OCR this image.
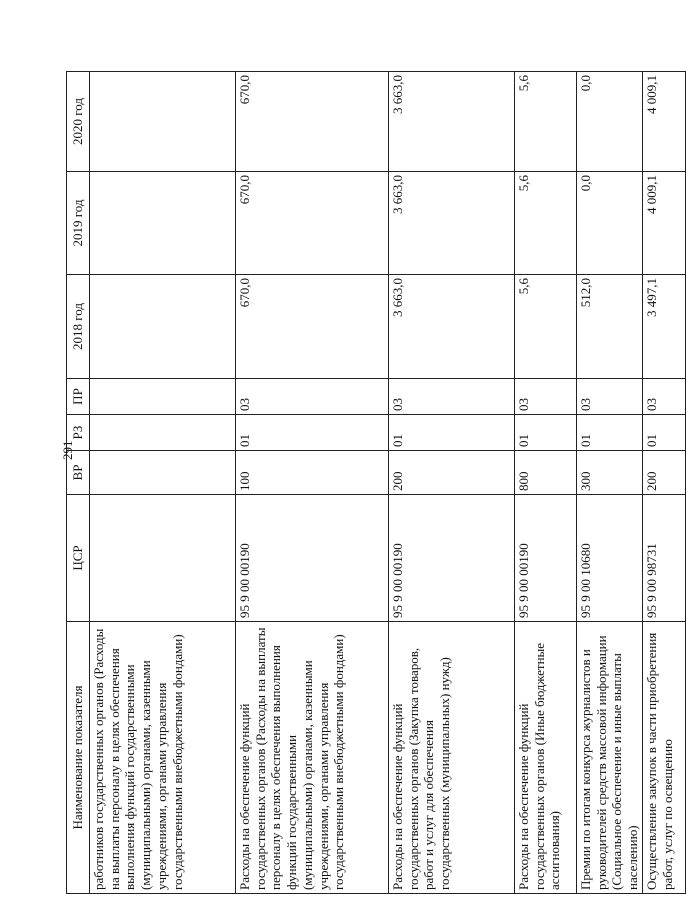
291
Наименование показателя	ЦСР	ВР	РЗ	ПР	2018 год	2019 год	2020 год
работников государственных органов (Расходы на выплаты персоналу в целях обеспечения выполнения функций государственными (муниципальными) органами, казенными учреждениями, органами управления государственными внебюджетными фондами)							
Расходы на обеспечение функций государственных органов (Расходы на выплаты персоналу в целях обеспечения выполнения функций государственными (муниципальными) органами, казенными учреждениями, органами управления государственными внебюджетными фондами)	95 9 00 00190	100	01	03	670,0	670,0	670,0
Расходы на обеспечение функций государственных органов (Закупка товаров, работ и услуг для обеспечения государственных (муниципальных) нужд)	95 9 00 00190	200	01	03	3 663,0	3 663,0	3 663,0
Расходы на обеспечение функций государственных органов (Иные бюджетные ассигнования)	95 9 00 00190	800	01	03	5,6	5,6	5,6
Премии по итогам конкурса журналистов и руководителей средств массовой информации (Социальное обеспечение и иные выплаты населению)	95 9 00 10680	300	01	03	512,0	0,0	0,0
Осуществление закупок в части приобретения работ, услуг по освещению	95 9 00 98731	200	01	03	3 497,1	4 009,1	4 009,1
